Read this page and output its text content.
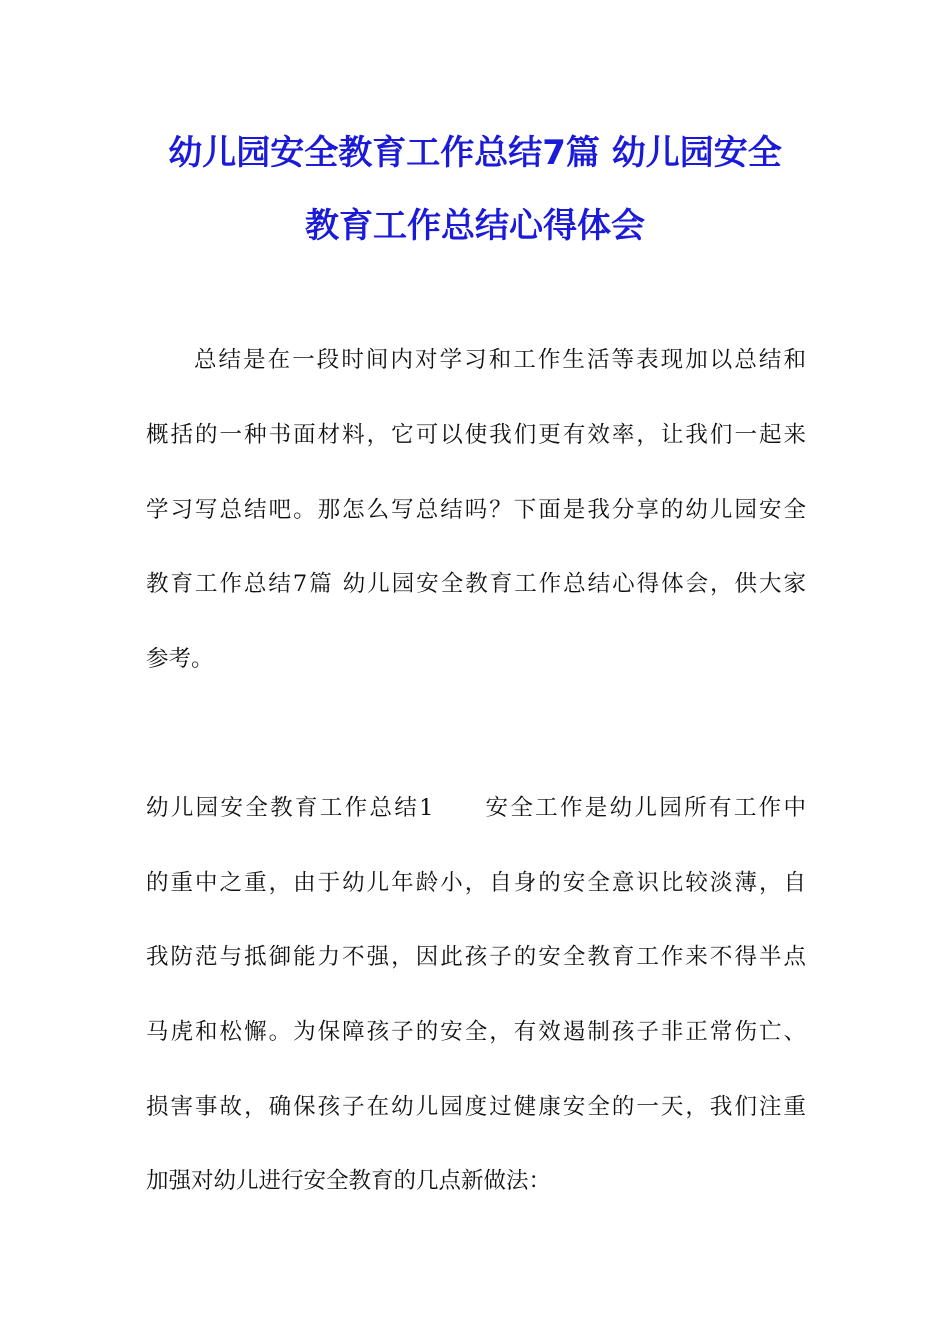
幼儿园安全教育工作总结7篇 幼儿园安全
教育工作总结心得体会
总结是在一段时间内对学习和工作生活等表现加以总结和
概括的一种书面材料，它可以使我们更有效率，让我们一起来
学习写总结吧。那怎么写总结吗？下面是我分享的幼儿园安全
教育工作总结7篇 幼儿园安全教育工作总结心得体会，供大家
参考。
幼儿园安全教育工作总结1　　安全工作是幼儿园所有工作中
的重中之重，由于幼儿年龄小，自身的安全意识比较淡薄，自
我防范与抵御能力不强，因此孩子的安全教育工作来不得半点
马虎和松懈。为保障孩子的安全，有效遏制孩子非正常伤亡、
损害事故，确保孩子在幼儿园度过健康安全的一天，我们注重
加强对幼儿进行安全教育的几点新做法：
